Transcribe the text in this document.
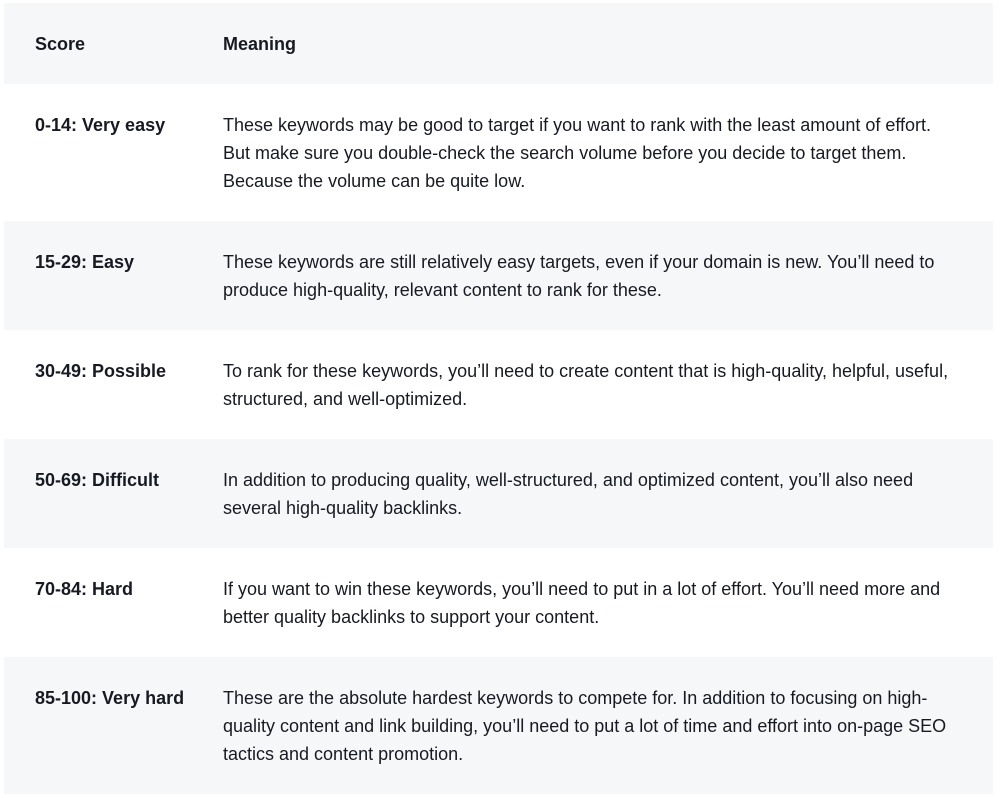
Score	Meaning
0-14: Very easy	These keywords may be good to target if you want to rank with the least amount of effort. But make sure you double-check the search volume before you decide to target them. Because the volume can be quite low.
15-29: Easy	These keywords are still relatively easy targets, even if your domain is new. You’ll need to produce high-quality, relevant content to rank for these.
30-49: Possible	To rank for these keywords, you’ll need to create content that is high-quality, helpful, useful, structured, and well-optimized.
50-69: Difficult	In addition to producing quality, well-structured, and optimized content, you’ll also need several high-quality backlinks.
70-84: Hard	If you want to win these keywords, you’ll need to put in a lot of effort. You’ll need more and better quality backlinks to support your content.
85-100: Very hard	These are the absolute hardest keywords to compete for. In addition to focusing on high-quality content and link building, you’ll need to put a lot of time and effort into on-page SEO tactics and content promotion.
